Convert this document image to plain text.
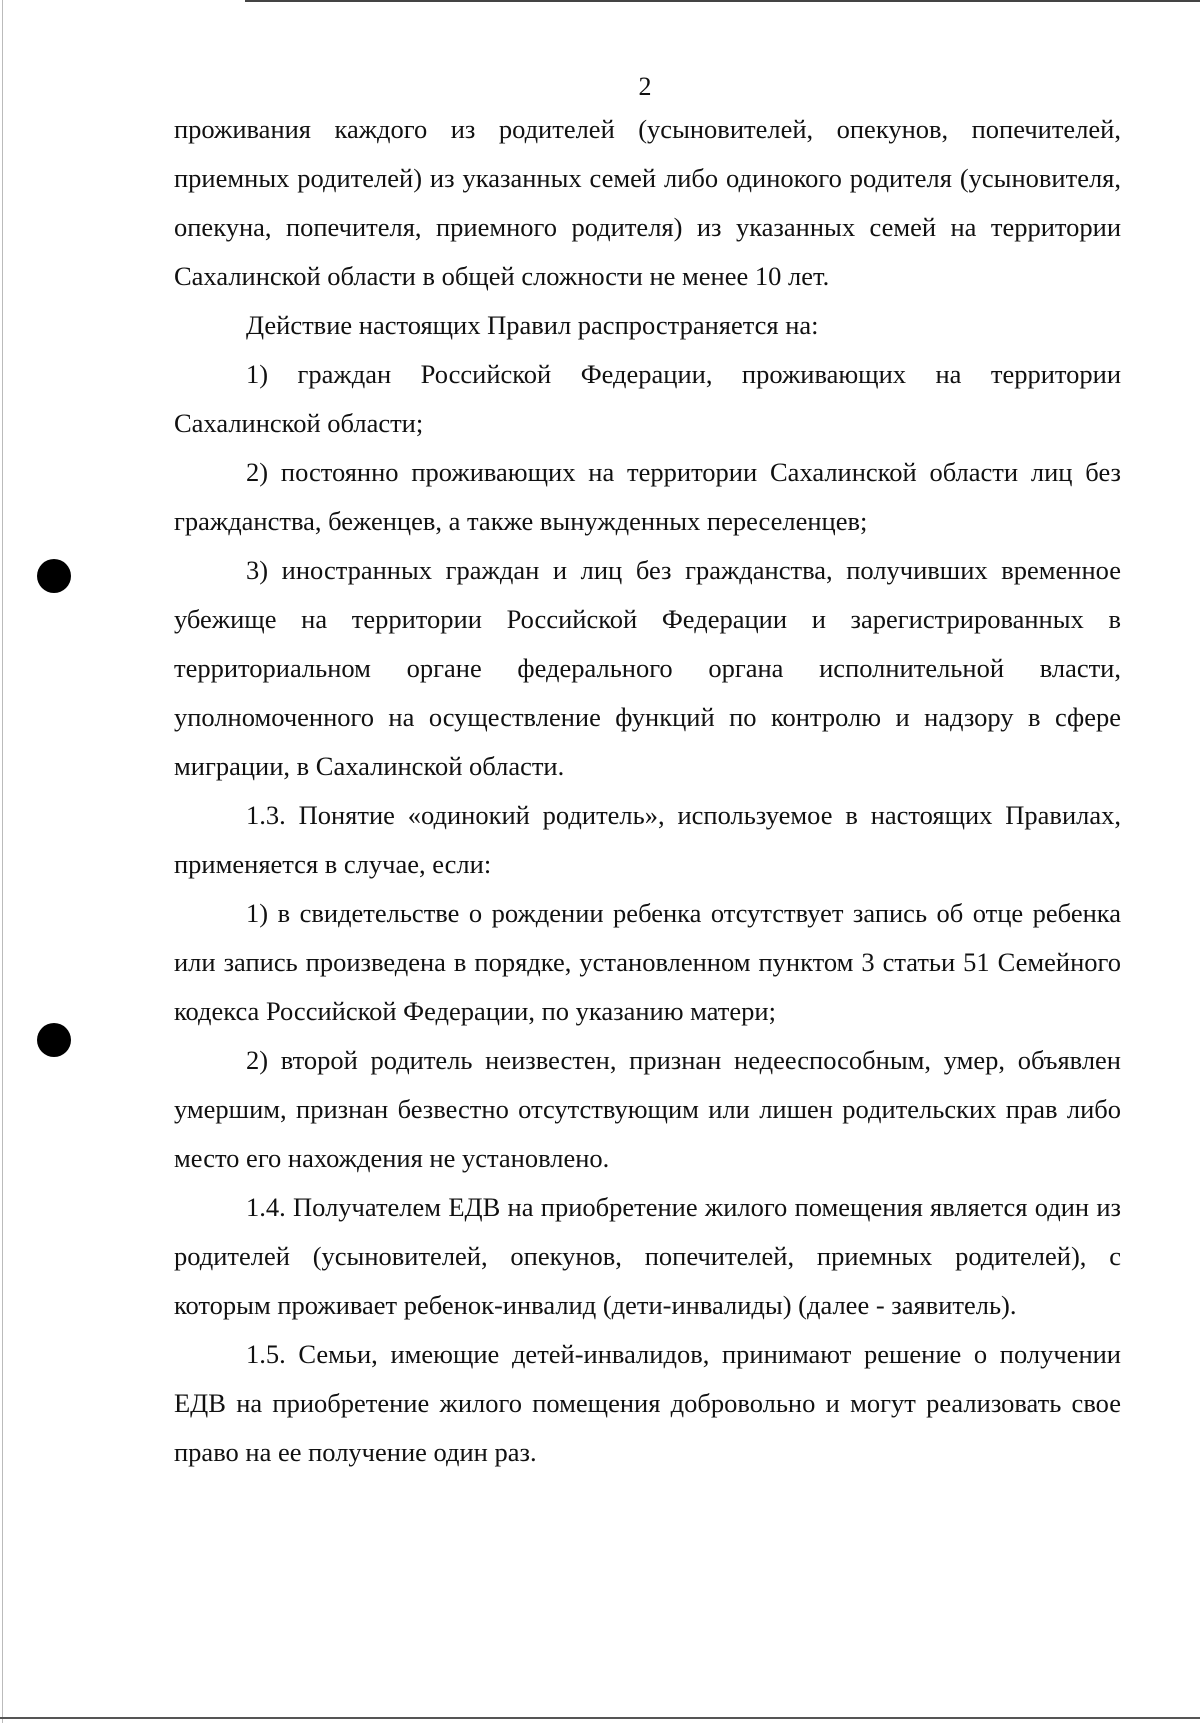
2

проживания каждого из родителей (усыновителей, опекунов, попечителей, приемных родителей) из указанных семей либо одинокого родителя (усыновителя, опекуна, попечителя, приемного родителя) из указанных семей на территории Сахалинской области в общей сложности не менее 10 лет.

Действие настоящих Правил распространяется на:

1) граждан Российской Федерации, проживающих на территории Сахалинской области;

2) постоянно проживающих на территории Сахалинской области лиц без гражданства, беженцев, а также вынужденных переселенцев;

3) иностранных граждан и лиц без гражданства, получивших временное убежище на территории Российской Федерации и зарегистрированных в территориальном органе федерального органа исполнительной власти, уполномоченного на осуществление функций по контролю и надзору в сфере миграции, в Сахалинской области.

1.3. Понятие «одинокий родитель», используемое в настоящих Правилах, применяется в случае, если:

1) в свидетельстве о рождении ребенка отсутствует запись об отце ребенка или запись произведена в порядке, установленном пунктом 3 статьи 51 Семейного кодекса Российской Федерации, по указанию матери;

2) второй родитель неизвестен, признан недееспособным, умер, объявлен умершим, признан безвестно отсутствующим или лишен родительских прав либо место его нахождения не установлено.

1.4. Получателем ЕДВ на приобретение жилого помещения является один из родителей (усыновителей, опекунов, попечителей, приемных родителей), с которым проживает ребенок-инвалид (дети-инвалиды) (далее - заявитель).

1.5. Семьи, имеющие детей-инвалидов, принимают решение о получении ЕДВ на приобретение жилого помещения добровольно и могут реализовать свое право на ее получение один раз.
